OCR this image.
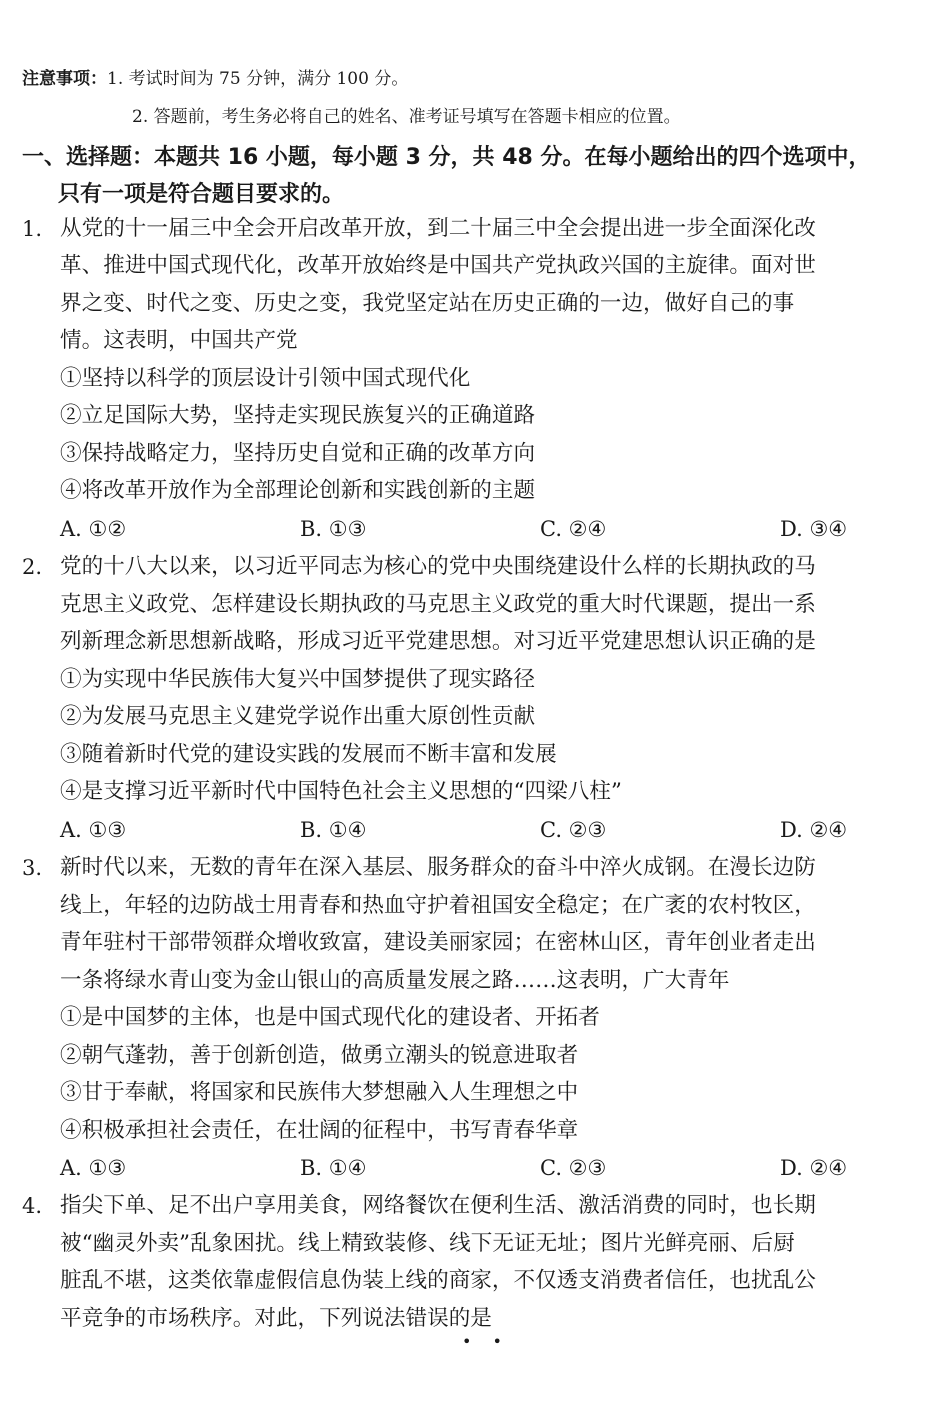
注意事项：1. 考试时间为 75 分钟，满分 100 分。
2. 答题前，考生务必将自己的姓名、准考证号填写在答题卡相应的位置。
一、选择题：本题共 16 小题，每小题 3 分，共 48 分。在每小题给出的四个选项中，
只有一项是符合题目要求的。
1. 从党的十一届三中全会开启改革开放，到二十届三中全会提出进一步全面深化改
革、推进中国式现代化，改革开放始终是中国共产党执政兴国的主旋律。面对世
界之变、时代之变、历史之变，我党坚定站在历史正确的一边，做好自己的事
情。这表明，中国共产党
①坚持以科学的顶层设计引领中国式现代化
②立足国际大势，坚持走实现民族复兴的正确道路
③保持战略定力，坚持历史自觉和正确的改革方向
④将改革开放作为全部理论创新和实践创新的主题
A. ①②	B. ①③	C. ②④	D. ③④
2. 党的十八大以来，以习近平同志为核心的党中央围绕建设什么样的长期执政的马
克思主义政党、怎样建设长期执政的马克思主义政党的重大时代课题，提出一系
列新理念新思想新战略，形成习近平党建思想。对习近平党建思想认识正确的是
①为实现中华民族伟大复兴中国梦提供了现实路径
②为发展马克思主义建党学说作出重大原创性贡献
③随着新时代党的建设实践的发展而不断丰富和发展
④是支撑习近平新时代中国特色社会主义思想的“四梁八柱”
A. ①③	B. ①④	C. ②③	D. ②④
3. 新时代以来，无数的青年在深入基层、服务群众的奋斗中淬火成钢。在漫长边防
线上，年轻的边防战士用青春和热血守护着祖国安全稳定；在广袤的农村牧区，
青年驻村干部带领群众增收致富，建设美丽家园；在密林山区，青年创业者走出
一条将绿水青山变为金山银山的高质量发展之路……这表明，广大青年
①是中国梦的主体，也是中国式现代化的建设者、开拓者
②朝气蓬勃，善于创新创造，做勇立潮头的锐意进取者
③甘于奉献，将国家和民族伟大梦想融入人生理想之中
④积极承担社会责任，在壮阔的征程中，书写青春华章
A. ①③	B. ①④	C. ②③	D. ②④
4. 指尖下单、足不出户享用美食，网络餐饮在便利生活、激活消费的同时，也长期
被“幽灵外卖”乱象困扰。线上精致装修、线下无证无址；图片光鲜亮丽、后厨
脏乱不堪，这类依靠虚假信息伪装上线的商家，不仅透支消费者信任，也扰乱公
平竞争的市场秩序。对此，下列说法错误的是
• •
